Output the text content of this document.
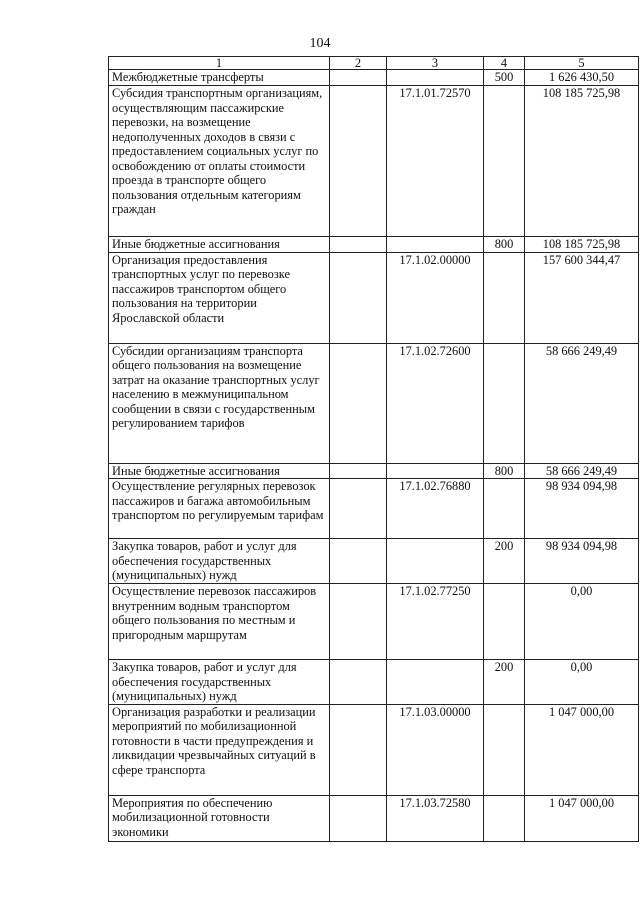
104
1	2	3	4	5
Межбюджетные трансферты			500	1 626 430,50
Субсидия транспортным организациям, осуществляющим пассажирские перевозки, на возмещение недополученных доходов в связи с предоставлением социальных услуг по освобождению от оплаты стоимости проезда в транспорте общего пользования отдельным категориям граждан		17.1.01.72570		108 185 725,98
Иные бюджетные ассигнования			800	108 185 725,98
Организация предоставления транспортных услуг по перевозке пассажиров транспортом общего пользования на территории Ярославской области		17.1.02.00000		157 600 344,47
Субсидии организациям транспорта общего пользования на возмещение затрат на оказание транспортных услуг населению в межмуниципальном сообщении в связи с государственным регулированием тарифов		17.1.02.72600		58 666 249,49
Иные бюджетные ассигнования			800	58 666 249,49
Осуществление регулярных перевозок пассажиров и багажа автомобильным транспортом по регулируемым тарифам		17.1.02.76880		98 934 094,98
Закупка товаров, работ и услуг для обеспечения государственных (муниципальных) нужд			200	98 934 094,98
Осуществление перевозок пассажиров внутренним водным транспортом общего пользования по местным и пригородным маршрутам		17.1.02.77250		0,00
Закупка товаров, работ и услуг для обеспечения государственных (муниципальных) нужд			200	0,00
Организация разработки и реализации мероприятий по мобилизационной готовности в части предупреждения и ликвидации чрезвычайных ситуаций в сфере транспорта		17.1.03.00000		1 047 000,00
Мероприятия по обеспечению мобилизационной готовности экономики		17.1.03.72580		1 047 000,00
